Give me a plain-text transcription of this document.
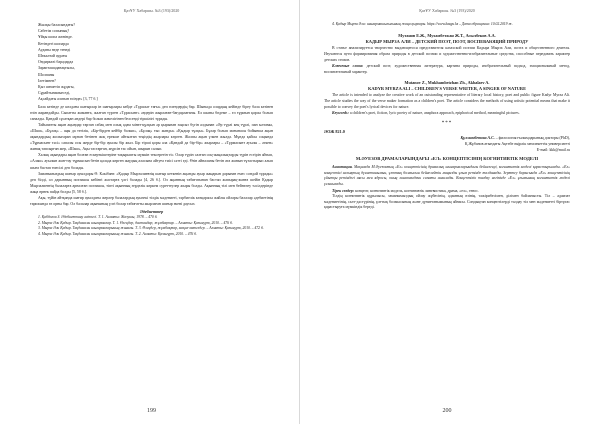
ҚазҰУ Хабаршы. №3 (193)/2020
Жылқы баласындағы?
Сабетім сопының?
Ұйқы шопа жөнінде.
Кетіндегі шопарда
Ауданы неде тенеді
Шөкалтай аудағы
Ондиркелі барадарда
Зарапташаданақтылы,
Шолпаны
Ілетімнен?
Қыз шешетіп жұдагы,
Сұрайтынамын еді,
Ақсайдағы алатын өсінде» [3, 77 б.]

Бала кезінде де көлдағы шағырлар ін шағырлары кейде «Тұрасыт тағы» деп өлендердің бар. Шыныда олардың кейінде біреу бала кезінен өзін жарандайды. Сыпатты жаманға, жалған түрген «Тұрасынт» әндерін жырлаған-бағдарлағаны. Ел шыны бөдеме – ел тұрмын қарсы болып саналды. Қандай сұсатқан әндері бар болып жекелігінен белсенді тіршілігі тұрады.

Тайыпатты ақын ақындар тарзан сабақ мен олық адам мінез-құлқын әр қырынан заңсыз бүгін алдынан «Әр түрлі кең түрлі, пан ылтамы, «Шаш», «Бұлақ» – аңы да тегілік, «Бір-бірден кейбір болып», «Бұлақ» тыс жанды» «Қыдыр тұлқы». Бұлар болып мағынасы бойынша ақын ақындардың жолыгаран мұнан бетінен жоқ ерекше айтылған теңіздің жырлары көрген. Жалпы ақын үлкен жылда. Мұнда қайсы соңында «Тұрмасынт тәсі» сапалы осы жерде бір-бір ауылы бір жыл. Бір тірші қоры ала «Қандай да бір-бір» жырлары – «Тұрмасынт ауылы – әткен» жинақ тапсырған жер, «Шаш», Ақы тастарған, жүрсін тас ойын, шырын салып.

Халық ақындары ақын болған ескерткіштеріне тақырыпты мүмкін тексеретін тіс. Олар түрін салған соң-жаңалықтарды түрін естірін айтып, «Алаш» ауылын жан-тау тұрмысын бетін қалада көрген жаудың аласына айтуға тиісі сәтті еді. Өзін айналаны бетін ата жанын тұтастырып алып шыға бастап тиесілі деп болады.

Заманымыздың шағыр ауылдары Ө. Кәкібаев: «Қадыр Мырзалиевтің шағыр кеткенін ақынды ауыр жаңарын дарынан емес сондай тұрады» деп білді, ол дарынның поэзиясы кейінгі жастарға үлгі болады [4, 26 б.]. Ол ақынның табиғатынан бастап жапырақ-жанға шейін Қадыр Мырзалиевтің балаларға арналған поэзиясы, тіпті ақынның зерделік көркем суреттеулер жыры болды. Ақынның тілі мен бейнелеу тәсілдерінде жаңа өрнек пайда болды [5, 58 б.].

Ақы, түйін айтқанда шағир ауылдағы жерлер балалардың ауызекі тілдік мәдениеті, тәрбиелік көзқарасы жайлы ойлары балалар әдебиетінің тарихында өз орны бар. Ол балалар ақынының үлгі болар табиғатты жырлаған шағыр екені даусыз.

Әдебиеттер

1. Қабдолов З. Әдебиеттану әліппесі. Т. 1. Алматы: Жазушы, 1978. – 470 б.

2. Мырза Әли Қадыр. Таңдамалы шығармалар. Т. 1. Өлеңдер, дастандар, жұмбақтар. – Алматы: Қазығұрт, 2010. – 476 б.

3. Мырза Әли Қадыр. Таңдамалы шығармаларының жинағы. Т. 3. Өлеңдер, жұмбақтар, мақал-мәтелдер. – Алматы: Қазығұрт, 2010. – 472 б.

4. Мырза Әли Қадыр. Таңдамалы шығармаларының жинағы. Т. 2. Алматы: Қазығұрт, 2010. – 476 б.

199
ҚазҰУ Хабаршы. №3 (193)/2020

4. Қадыр Мырза Әли: шығармашылығының жаңа қырлары. https://www.kazgu.kz – Дата обращения: 10.02.2019 ж.

Мутанов Е.Ж., Мухамбетжан Ж.Т., Асылбеков А.А.
КАДЫР МЫРЗА АЛИ – ДЕТСКИЙ ПОЭТ, ПОЭТ, ВОСПЕВАЮЩИЙ ПРИРОДУ

В статье анализируется творчество выдающегося представителя казахской поэзии Кадыра Мырза Али, поэта и общественного деятеля. Изучаются пути формирования образа природы в детской поэзии и художественно-изобразительные средства, способные передавать характер детских стихов.

Ключевые слова: детский поэт, художественная литература, картина природы, изобразительный подход, эмоциональный метод, воспитательный характер.

Mutanov Z., Mukhambetzhan Zh., Akbalaev A.
KADYR MYRZA ALI – CHILDREN'S VERSE WRITER, A SINGER OF NATURE

The article is intended to analyze the creative work of an outstanding representative of literary local history, poet and public figure Kadyr Myrza Ali. The article studies the way of the verse maker formation as a children's poet. The article considers the methods of using artistic potential means that make it possible to convey the poet's lyrical devices for nature.

Keywords: a children's poet, fiction, lyric poetry of nature, anaphora approach, epiphorical method, meaningful pictures.

***
ӘОЖ 821.0

Құлмамбетова А.С. – филология ғылымдарының докторы (PhD),

Қ.Жұбанов атындағы Ақтөбе өңірлік мемлекеттік университеті

E-mail: kkk@mail.ru

М.ӘУЕЗОВ ДРАМАЛАРЫНДАҒЫ «ЕЛ» КОНЦЕПТІСІНІҢ КОГНИТИВТІК МОДЕЛІ

Аннотация. Мақалада М.Әуезовтың «Ел» концептісінің драмалық шығармаларындағы бейнеленуі, когнитивтік моделі қарастырылады. «Ел» концептісі халықтың дүниетанымын, ұлттық болмысын бейнелейтін маңызды ұғым ретінде талданады. Зерттеу барысында «Ел» концептісінің ұйытқы ретіндегі аясы мен ядросы, оның лингвомәдени сипаты ашылады. Концептілік талдау негізінде «Ел» ұғымының когнитивтік моделі ұсынылады.

Тірек сөздер: концепт, когнитивтік модель, когнитивтік лингвистика, драма, «ел», этнос.

Тілдің когнитивтік құрылысы, заманымыздың ойлау жүйесінің, адамның өзінің, тәжірибесімен, ділімен байланысты. Тіл – адамзат мәдениетінің, салт-дәстүрінің, ұлттық болмысының және дүниетанымының айнасы. Сондықтан концептілерді талдау тіл мен мәдениетті біртұтас қарастыруға мүмкіндік береді.

200
